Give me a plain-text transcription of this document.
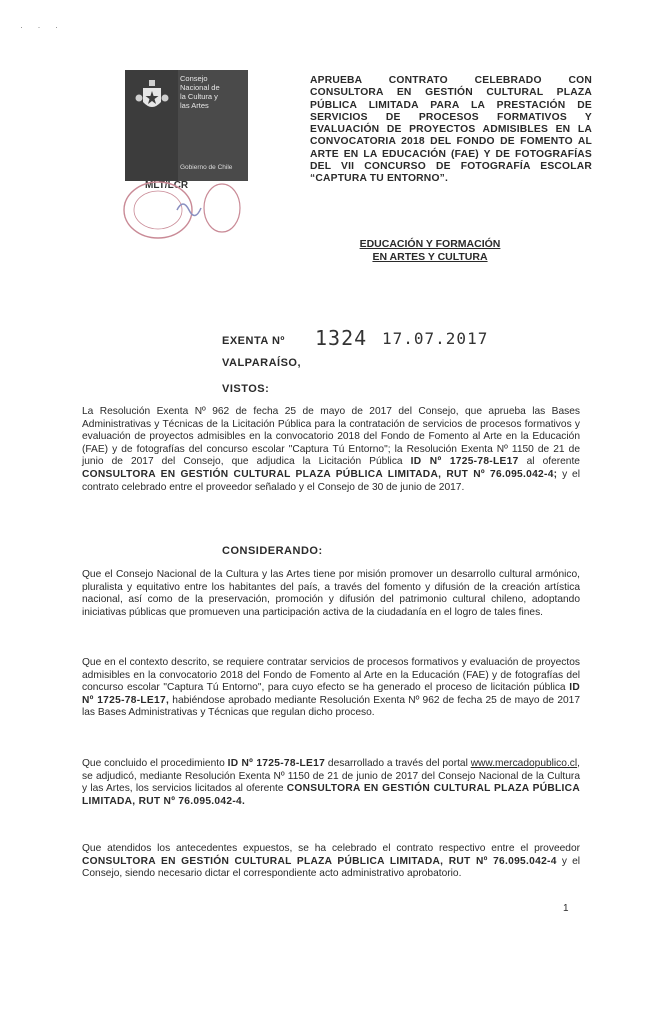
· · ·
Consejo
Nacional de
la Cultura y
las Artes
Gobierno de Chile
MLT/LCR
APRUEBA CONTRATO CELEBRADO CON CONSULTORA EN GESTIÓN CULTURAL PLAZA PÚBLICA LIMITADA PARA LA PRESTACIÓN DE SERVICIOS DE PROCESOS FORMATIVOS Y EVALUACIÓN DE PROYECTOS ADMISIBLES EN LA CONVOCATORIA 2018 DEL FONDO DE FOMENTO AL ARTE EN LA EDUCACIÓN (FAE) Y DE FOTOGRAFÍAS DEL VII CONCURSO DE FOTOGRAFÍA ESCOLAR “CAPTURA TU ENTORNO”.
EDUCACIÓN Y FORMACIÓN
EN ARTES Y CULTURA
EXENTA Nº 1324 17.07.2017
VALPARAÍSO,
VISTOS:
La Resolución Exenta Nº 962 de fecha 25 de mayo de 2017 del Consejo, que aprueba las Bases Administrativas y Técnicas de la Licitación Pública para la contratación de servicios de procesos formativos y evaluación de proyectos admisibles en la convocatorio 2018 del Fondo de Fomento al Arte en la Educación (FAE) y de fotografías del concurso escolar "Captura Tú Entorno"; la Resolución Exenta Nº 1150 de 21 de junio de 2017 del Consejo, que adjudica la Licitación Pública ID Nº 1725-78-LE17 al oferente CONSULTORA EN GESTIÓN CULTURAL PLAZA PÚBLICA LIMITADA, RUT Nº 76.095.042-4; y el contrato celebrado entre el proveedor señalado y el Consejo de 30 de junio de 2017.
CONSIDERANDO:
Que el Consejo Nacional de la Cultura y las Artes tiene por misión promover un desarrollo cultural armónico, pluralista y equitativo entre los habitantes del país, a través del fomento y difusión de la creación artística nacional, así como de la preservación, promoción y difusión del patrimonio cultural chileno, adoptando iniciativas públicas que promueven una participación activa de la ciudadanía en el logro de tales fines.
Que en el contexto descrito, se requiere contratar servicios de procesos formativos y evaluación de proyectos admisibles en la convocatorio 2018 del Fondo de Fomento al Arte en la Educación (FAE) y de fotografías del concurso escolar "Captura Tú Entorno", para cuyo efecto se ha generado el proceso de licitación pública ID Nº 1725-78-LE17, habiéndose aprobado mediante Resolución Exenta Nº 962 de fecha 25 de mayo de 2017 las Bases Administrativas y Técnicas que regulan dicho proceso.
Que concluido el procedimiento ID Nº 1725-78-LE17 desarrollado a través del portal www.mercadopublico.cl, se adjudicó, mediante Resolución Exenta Nº 1150 de 21 de junio de 2017 del Consejo Nacional de la Cultura y las Artes, los servicios licitados al oferente CONSULTORA EN GESTIÓN CULTURAL PLAZA PÚBLICA LIMITADA, RUT Nº 76.095.042-4.
Que atendidos los antecedentes expuestos, se ha celebrado el contrato respectivo entre el proveedor CONSULTORA EN GESTIÓN CULTURAL PLAZA PÚBLICA LIMITADA, RUT Nº 76.095.042-4 y el Consejo, siendo necesario dictar el correspondiente acto administrativo aprobatorio.
1
